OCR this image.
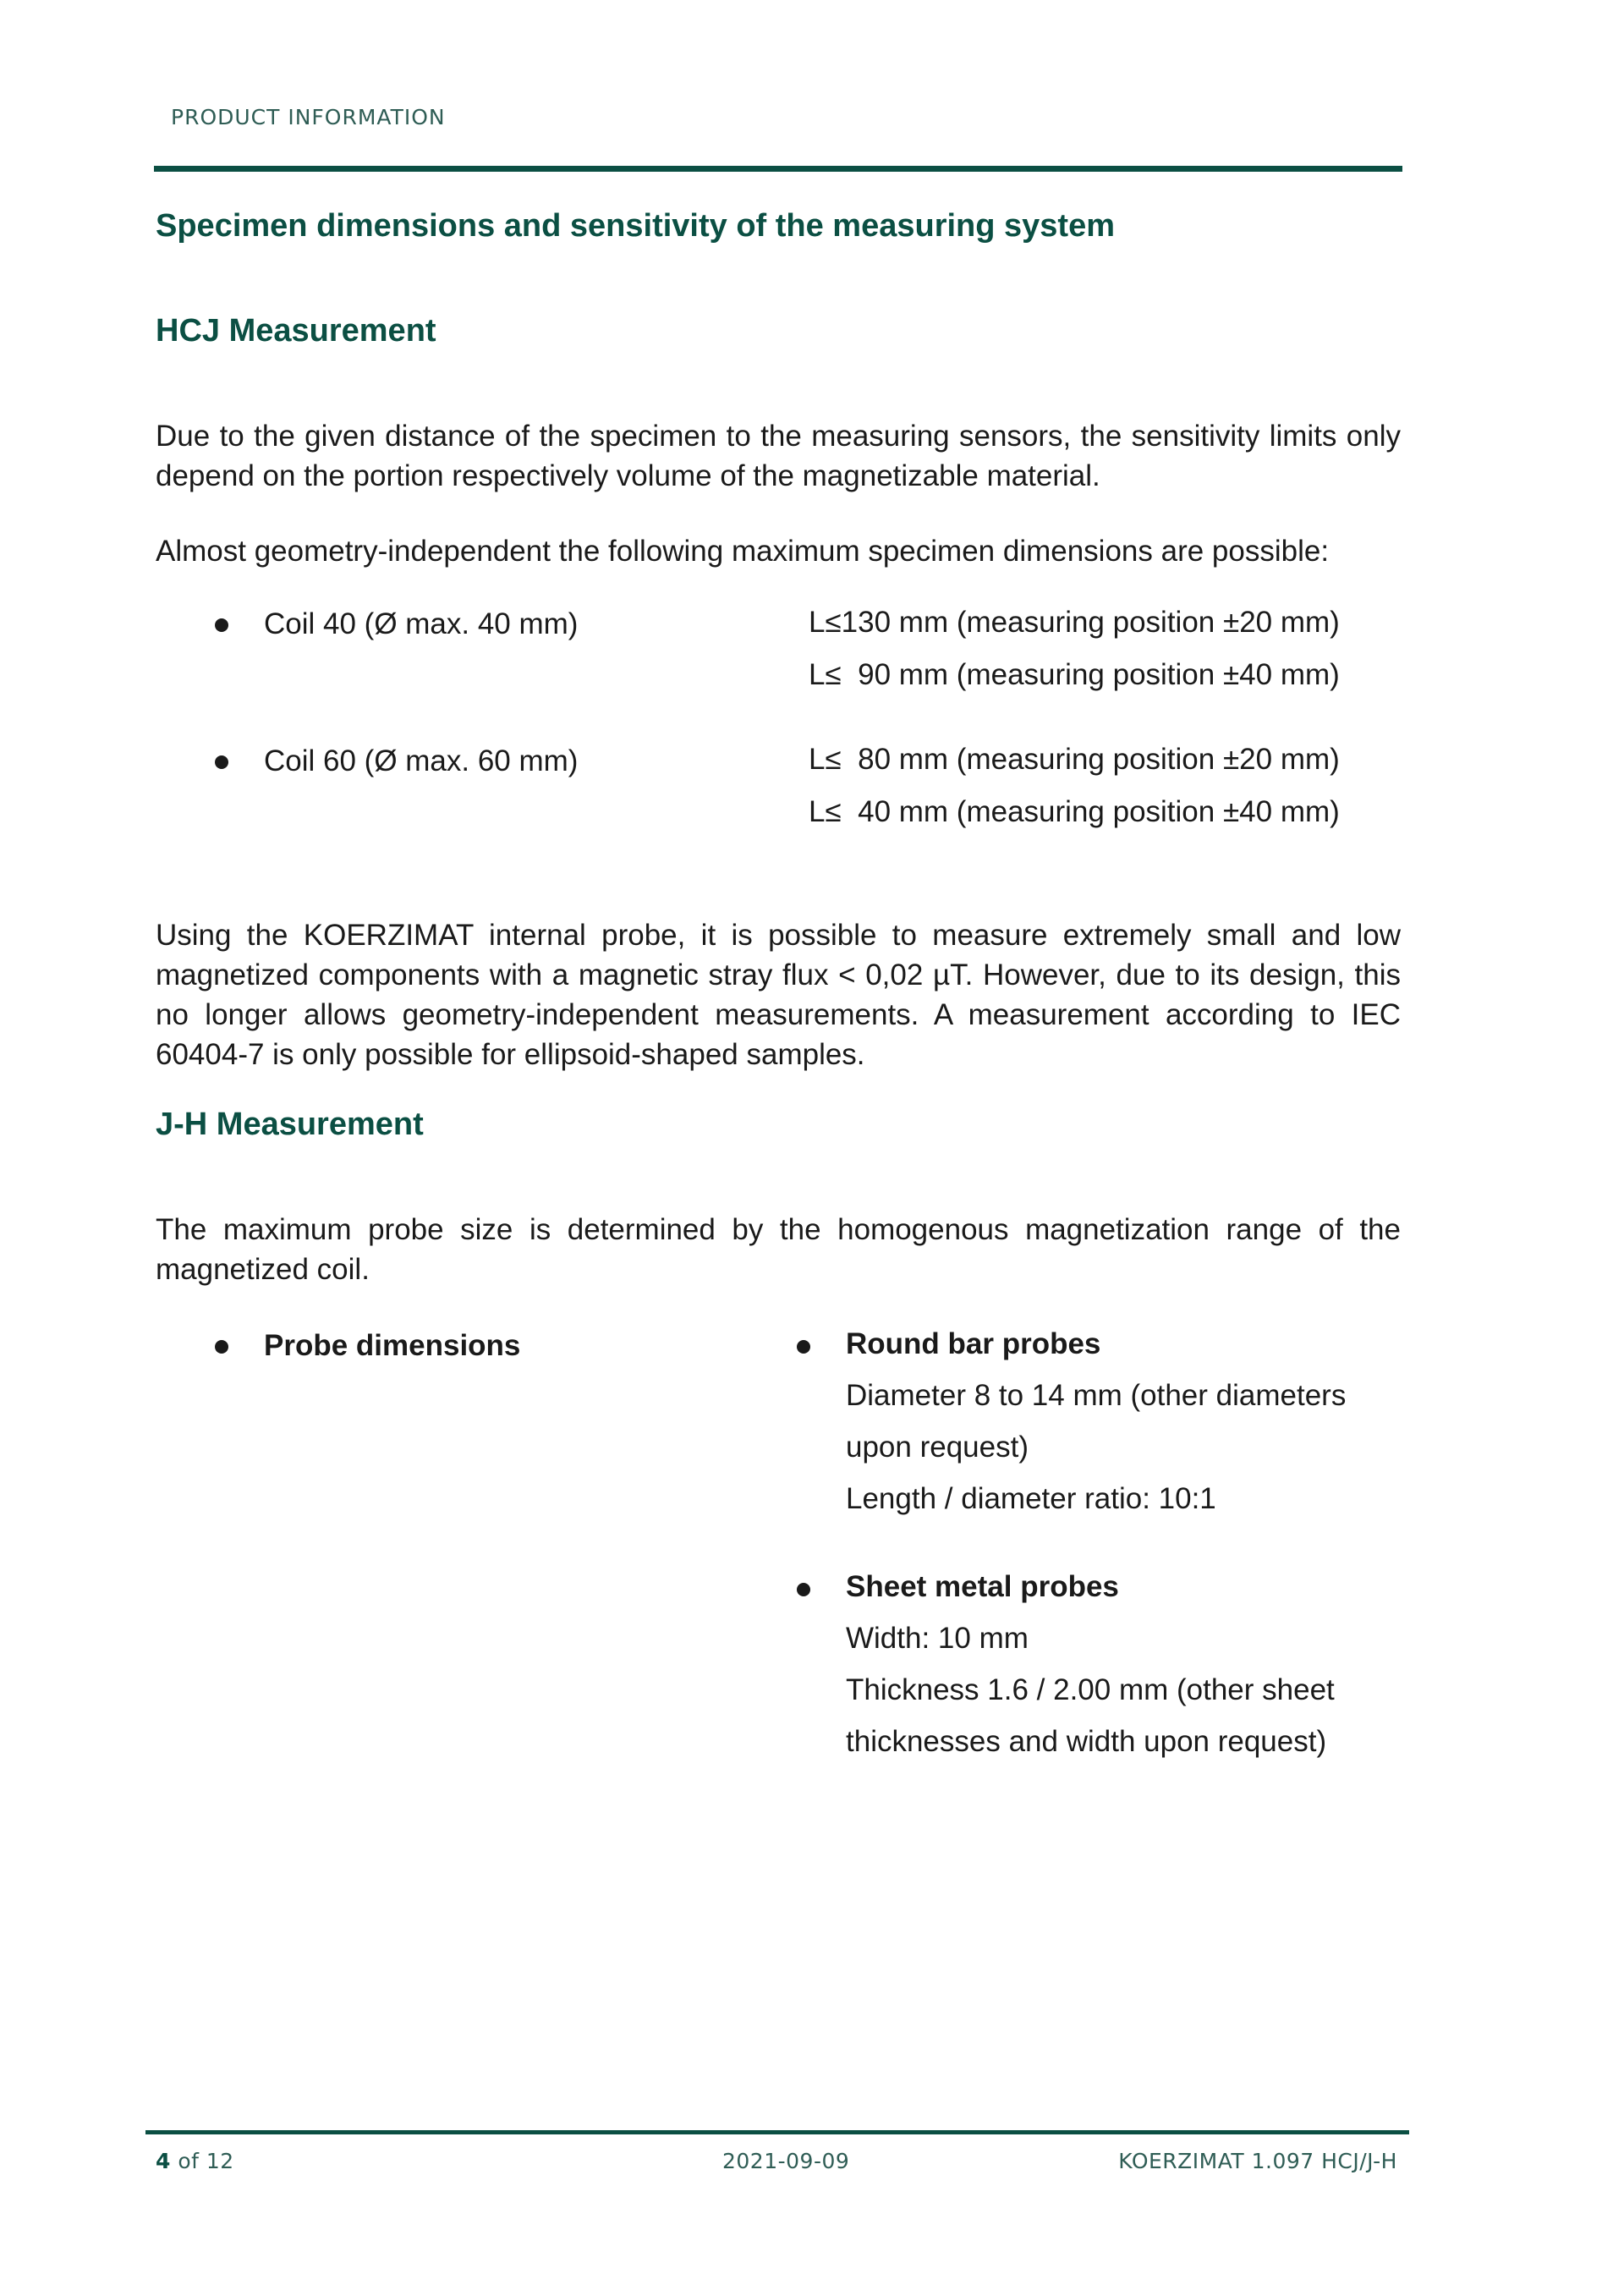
PRODUCT INFORMATION
Specimen dimensions and sensitivity of the measuring system
HCJ Measurement

Due to the given distance of the specimen to the measuring sensors, the sensitivity limits only depend on the portion respectively volume of the magnetizable material.

Almost geometry-independent the following maximum specimen dimensions are possible:

Coil 40 (Ø max. 40 mm)	L≤130 mm (measuring position ±20 mm)
L≤  90 mm (measuring position ±40 mm)
Coil 60 (Ø max. 60 mm)	L≤  80 mm (measuring position ±20 mm)
L≤  40 mm (measuring position ±40 mm)

Using the KOERZIMAT internal probe, it is possible to measure extremely small and low magnetized components with a magnetic stray flux < 0,02 µT. However, due to its design, this no longer allows geometry-independent measurements. A measurement according to IEC 60404-7 is only possible for ellipsoid-shaped samples.

J-H Measurement

The maximum probe size is determined by the homogenous magnetization range of the magnetized coil.

Probe dimensions	Round bar probes
Diameter 8 to 14 mm (other diameters
upon request)
Length / diameter ratio: 10:1
Sheet metal probes
Width: 10 mm
Thickness 1.6 / 2.00 mm (other sheet
thicknesses and width upon request)
4 of 12	2021-09-09	KOERZIMAT 1.097 HCJ/J-H
